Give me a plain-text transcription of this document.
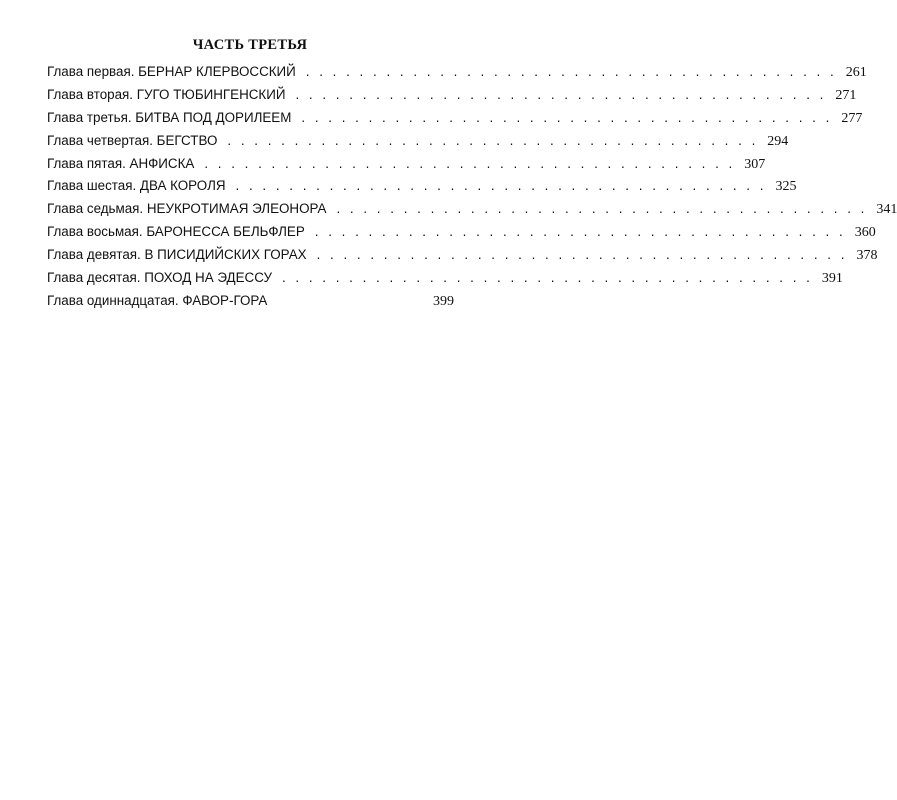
ЧАСТЬ ТРЕТЬЯ
Глава первая. БЕРНАР КЛЕРВОССКИЙ . . . . . . . . . . . . . . . . . . . . . . . . . . . . . . . . . . . . . . . . 261
Глава вторая. ГУГО ТЮБИНГЕНСКИЙ . . . . . . . . . . . . . . . . . . . . . . . . . . . . . . . . . . . . . . . . 271
Глава третья. БИТВА ПОД ДОРИЛЕЕМ . . . . . . . . . . . . . . . . . . . . . . . . . . . . . . . . . . . . . . . . 277
Глава четвертая. БЕГСТВО . . . . . . . . . . . . . . . . . . . . . . . . . . . . . . . . . . . . . . . . 294
Глава пятая. АНФИСКА . . . . . . . . . . . . . . . . . . . . . . . . . . . . . . . . . . . . . . . . 307
Глава шестая. ДВА КОРОЛЯ . . . . . . . . . . . . . . . . . . . . . . . . . . . . . . . . . . . . . . . . 325
Глава седьмая. НЕУКРОТИМАЯ ЭЛЕОНОРА . . . . . . . . . . . . . . . . . . . . . . . . . . . . . . . . . . . . . . . . 341
Глава восьмая. БАРОНЕССА БЕЛЬФЛЕР . . . . . . . . . . . . . . . . . . . . . . . . . . . . . . . . . . . . . . . . 360
Глава девятая. В ПИСИДИЙСКИХ ГОРАХ . . . . . . . . . . . . . . . . . . . . . . . . . . . . . . . . . . . . . . . . 378
Глава десятая. ПОХОД НА ЭДЕССУ . . . . . . . . . . . . . . . . . . . . . . . . . . . . . . . . . . . . . . . . 391
Глава одиннадцатая. ФАВОР-ГОРА	399
